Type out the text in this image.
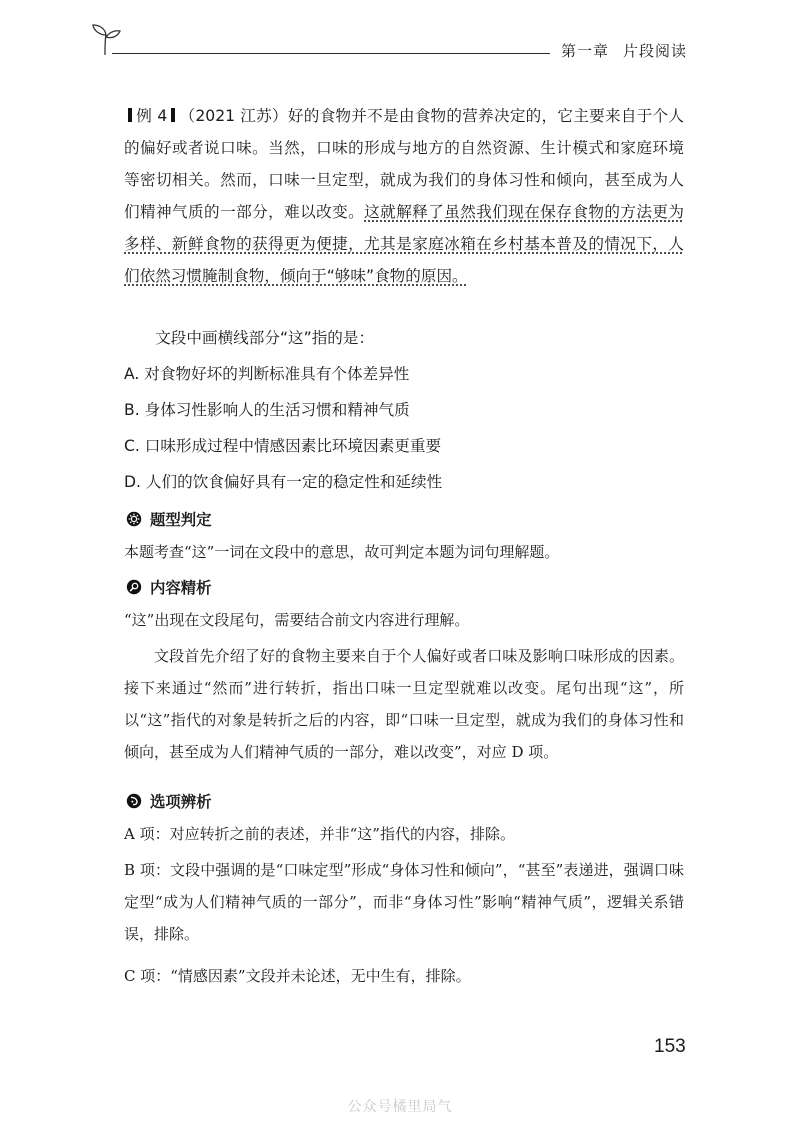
第一章 片段阅读

例 4 （2021 江苏）好的食物并不是由食物的营养决定的，它主要来自于个人的偏好或者说口味。当然，口味的形成与地方的自然资源、生计模式和家庭环境等密切相关。然而，口味一旦定型，就成为我们的身体习性和倾向，甚至成为人们精神气质的一部分，难以改变。这就解释了虽然我们现在保存食物的方法更为多样、新鲜食物的获得更为便捷，尤其是家庭冰箱在乡村基本普及的情况下，人们依然习惯腌制食物，倾向于“够味”食物的原因。

文段中画横线部分“这”指的是：

A. 对食物好坏的判断标准具有个体差异性
B. 身体习性影响人的生活习惯和精神气质
C. 口味形成过程中情感因素比环境因素更重要
D. 人们的饮食偏好具有一定的稳定性和延续性
题型判定

本题考查“这”一词在文段中的意思，故可判定本题为词句理解题。

内容精析

“这”出现在文段尾句，需要结合前文内容进行理解。

文段首先介绍了好的食物主要来自于个人偏好或者口味及影响口味形成的因素。接下来通过“然而”进行转折，指出口味一旦定型就难以改变。尾句出现“这”，所以“这”指代的对象是转折之后的内容，即“口味一旦定型，就成为我们的身体习性和倾向，甚至成为人们精神气质的一部分，难以改变”，对应 D 项。

选项辨析

A 项：对应转折之前的表述，并非“这”指代的内容，排除。

B 项：文段中强调的是“口味定型”形成“身体习性和倾向”，“甚至”表递进，强调口味定型“成为人们精神气质的一部分”，而非“身体习性”影响“精神气质”，逻辑关系错误，排除。

C 项：“情感因素”文段并未论述，无中生有，排除。

153
公众号橘里局气
